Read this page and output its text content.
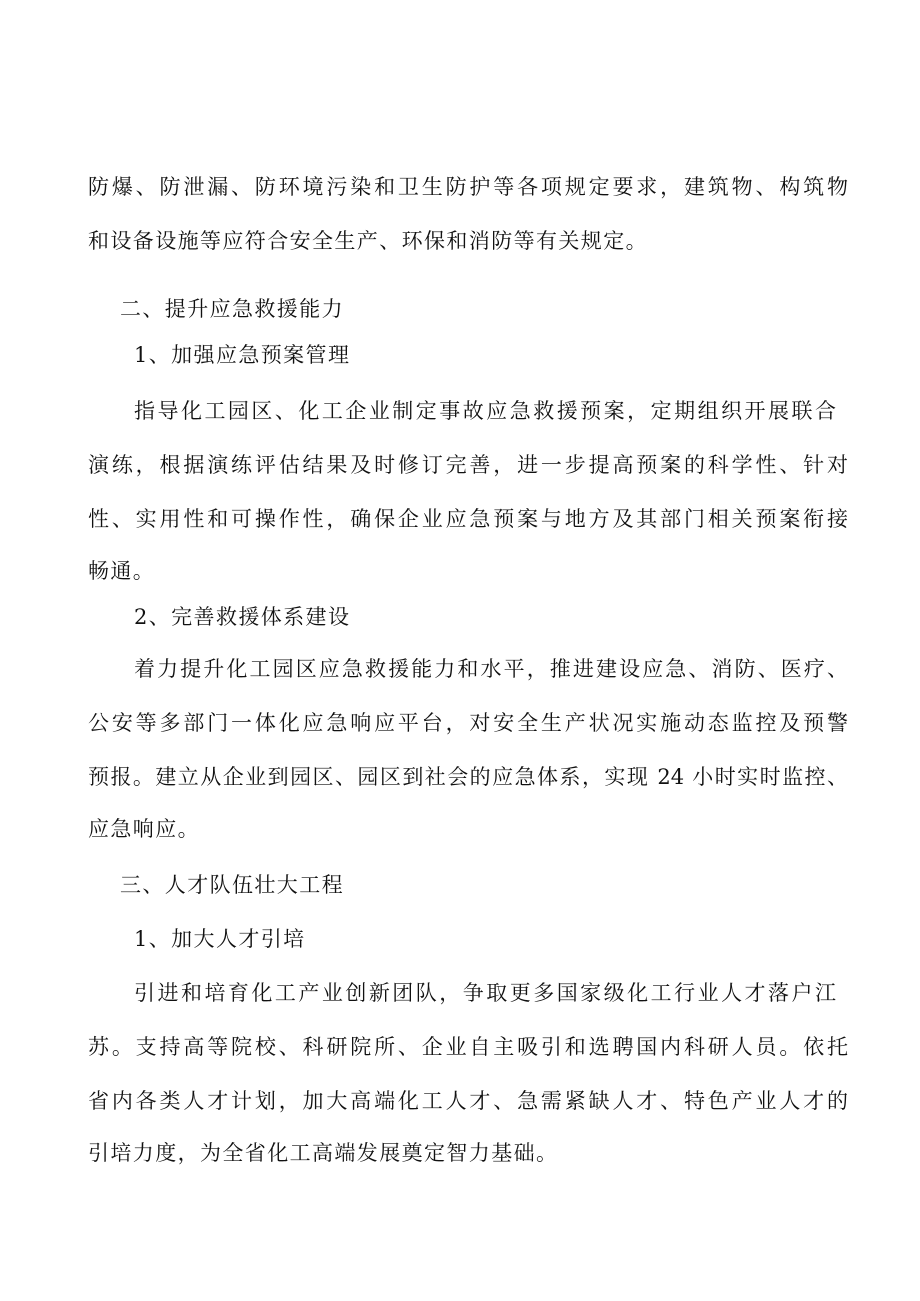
防爆、防泄漏、防环境污染和卫生防护等各项规定要求，建筑物、构筑物
和设备设施等应符合安全生产、环保和消防等有关规定。
二、提升应急救援能力
1、加强应急预案管理
指导化工园区、化工企业制定事故应急救援预案，定期组织开展联合
演练，根据演练评估结果及时修订完善，进一步提高预案的科学性、针对
性、实用性和可操作性，确保企业应急预案与地方及其部门相关预案衔接
畅通。
2、完善救援体系建设
着力提升化工园区应急救援能力和水平，推进建设应急、消防、医疗、
公安等多部门一体化应急响应平台，对安全生产状况实施动态监控及预警
预报。建立从企业到园区、园区到社会的应急体系，实现 24 小时实时监控、
应急响应。
三、人才队伍壮大工程
1、加大人才引培
引进和培育化工产业创新团队，争取更多国家级化工行业人才落户江
苏。支持高等院校、科研院所、企业自主吸引和选聘国内科研人员。依托
省内各类人才计划，加大高端化工人才、急需紧缺人才、特色产业人才的
引培力度，为全省化工高端发展奠定智力基础。
